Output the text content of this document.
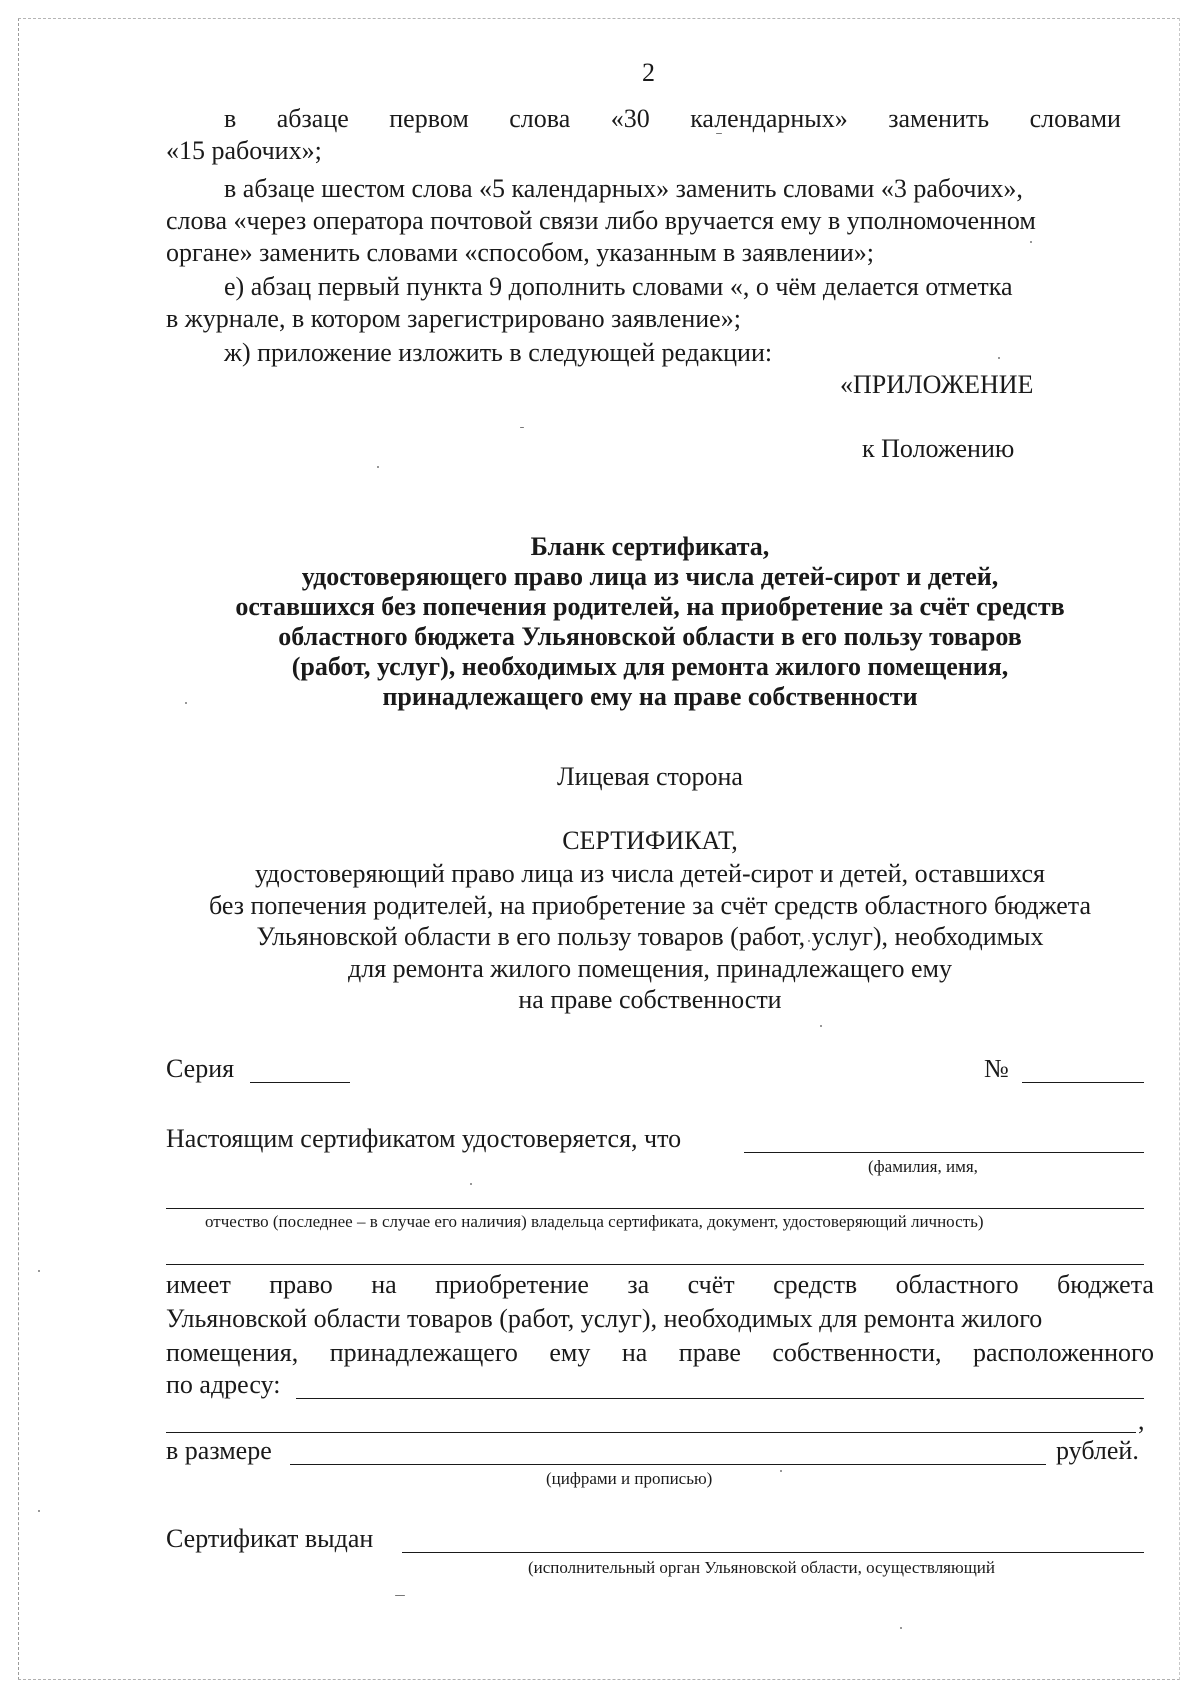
2
в абзаце первом слова «30 календарных» заменить словами
«15 рабочих»;
в абзаце шестом слова «5 календарных» заменить словами «3 рабочих»,
слова «через оператора почтовой связи либо вручается ему в уполномоченном
органе» заменить словами «способом, указанным в заявлении»;
е) абзац первый пункта 9 дополнить словами «, о чём делается отметка
в журнале, в котором зарегистрировано заявление»;
ж) приложение изложить в следующей редакции:
«ПРИЛОЖЕНИЕ
к Положению
Бланк сертификата,
удостоверяющего право лица из числа детей-сирот и детей,
оставшихся без попечения родителей, на приобретение за счёт средств
областного бюджета Ульяновской области в его пользу товаров
(работ, услуг), необходимых для ремонта жилого помещения,
принадлежащего ему на праве собственности
Лицевая сторона
СЕРТИФИКАТ,
удостоверяющий право лица из числа детей-сирот и детей, оставшихся
без попечения родителей, на приобретение за счёт средств областного бюджета
Ульяновской области в его пользу товаров (работ, услуг), необходимых
для ремонта жилого помещения, принадлежащего ему
на праве собственности
Серия	№
Настоящим сертификатом удостоверяется, что
(фамилия, имя,
отчество (последнее – в случае его наличия) владельца сертификата, документ, удостоверяющий личность)
имеет право на приобретение за счёт средств областного бюджета
Ульяновской области товаров (работ, услуг), необходимых для ремонта жилого
помещения, принадлежащего ему на праве собственности, расположенного
по адресу:
,
в размере	рублей.
(цифрами и прописью)
Сертификат выдан
(исполнительный орган Ульяновской области, осуществляющий
